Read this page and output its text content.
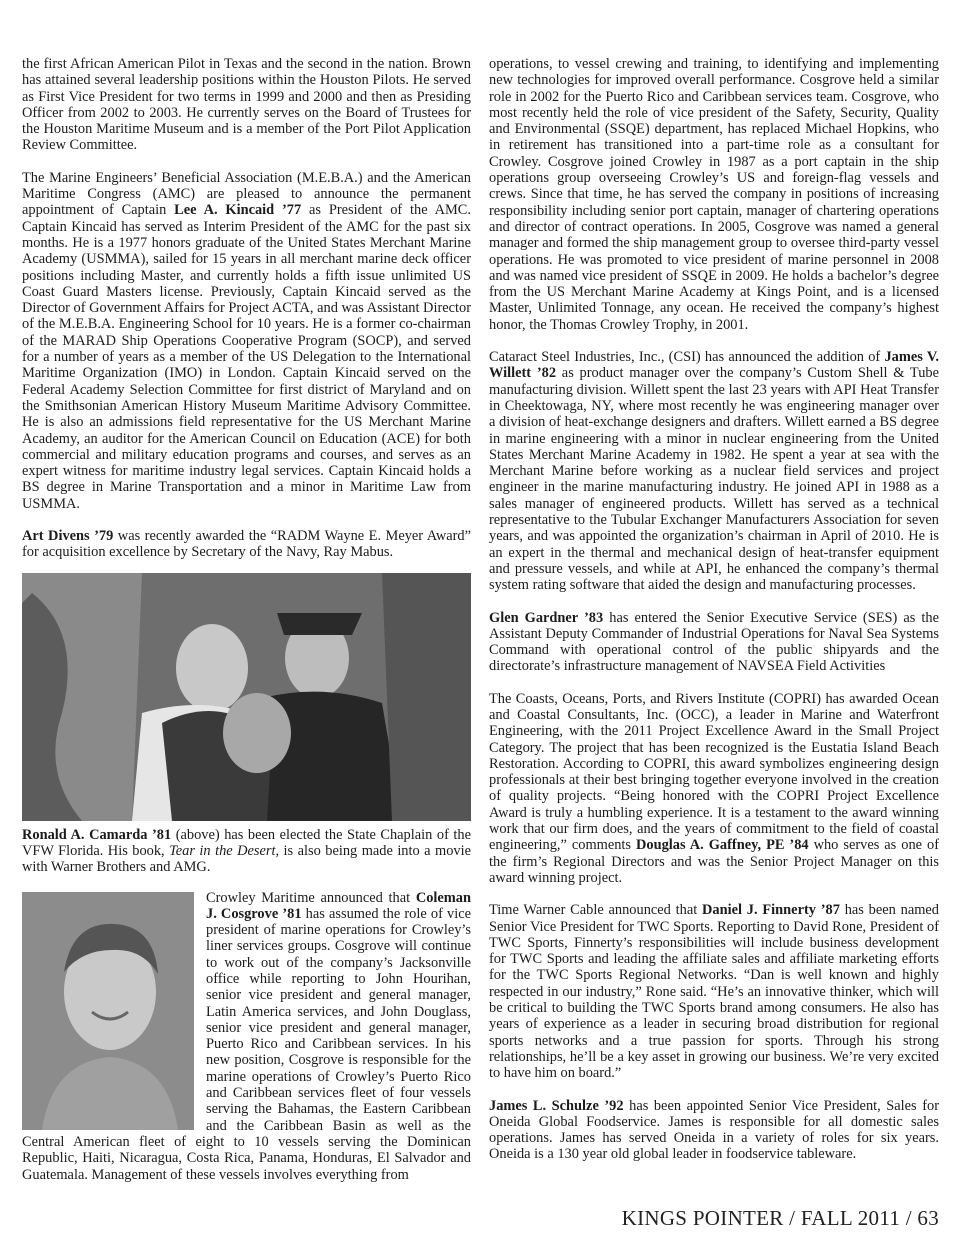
the first African American Pilot in Texas and the second in the nation. Brown has attained several leadership positions within the Houston Pilots. He served as First Vice President for two terms in 1999 and 2000 and then as Presiding Officer from 2002 to 2003. He currently serves on the Board of Trustees for the Houston Maritime Museum and is a member of the Port Pilot Application Review Committee.

The Marine Engineers’ Beneficial Association (M.E.B.A.) and the American Maritime Congress (AMC) are pleased to announce the permanent appointment of Captain Lee A. Kincaid ’77 as President of the AMC. Captain Kincaid has served as Interim President of the AMC for the past six months. He is a 1977 honors graduate of the United States Merchant Marine Academy (USMMA), sailed for 15 years in all merchant marine deck officer positions including Master, and currently holds a fifth issue unlimited US Coast Guard Masters license. Previously, Captain Kincaid served as the Director of Government Affairs for Project ACTA, and was Assistant Director of the M.E.B.A. Engineering School for 10 years. He is a former co-chairman of the MARAD Ship Operations Cooperative Program (SOCP), and served for a number of years as a member of the US Delegation to the International Maritime Organization (IMO) in London. Captain Kincaid served on the Federal Academy Selection Committee for first district of Maryland and on the Smithsonian American History Museum Maritime Advisory Committee. He is also an admissions field representative for the US Merchant Marine Academy, an auditor for the American Council on Education (ACE) for both commercial and military education programs and courses, and serves as an expert witness for maritime industry legal services. Captain Kincaid holds a BS degree in Marine Transportation and a minor in Maritime Law from USMMA.

Art Divens ’79 was recently awarded the “RADM Wayne E. Meyer Award” for acquisition excellence by Secretary of the Navy, Ray Mabus.

Ronald A. Camarda ’81 (above) has been elected the State Chaplain of the VFW Florida. His book, Tear in the Desert, is also being made into a movie with Warner Brothers and AMG.

Crowley Maritime announced that Coleman J. Cosgrove ’81 has assumed the role of vice president of marine operations for Crowley’s liner services groups. Cosgrove will continue to work out of the company’s Jacksonville office while reporting to John Hourihan, senior vice president and general manager, Latin America services, and John Douglass, senior vice president and general manager, Puerto Rico and Caribbean services. In his new position, Cosgrove is responsible for the marine operations of Crowley’s Puerto Rico and Caribbean services fleet of four vessels serving the Bahamas, the Eastern Caribbean and the Caribbean Basin as well as the Central American fleet of eight to 10 vessels serving the Dominican Republic, Haiti, Nicaragua, Costa Rica, Panama, Honduras, El Salvador and Guatemala. Management of these vessels involves everything from

operations, to vessel crewing and training, to identifying and implementing new technologies for improved overall performance. Cosgrove held a similar role in 2002 for the Puerto Rico and Caribbean services team. Cosgrove, who most recently held the role of vice president of the Safety, Security, Quality and Environmental (SSQE) department, has replaced Michael Hopkins, who in retirement has transitioned into a part-time role as a consultant for Crowley. Cosgrove joined Crowley in 1987 as a port captain in the ship operations group overseeing Crowley’s US and foreign-flag vessels and crews. Since that time, he has served the company in positions of increasing responsibility including senior port captain, manager of chartering operations and director of contract operations. In 2005, Cosgrove was named a general manager and formed the ship management group to oversee third-party vessel operations. He was promoted to vice president of marine personnel in 2008 and was named vice president of SSQE in 2009. He holds a bachelor’s degree from the US Merchant Marine Academy at Kings Point, and is a licensed Master, Unlimited Tonnage, any ocean. He received the company’s highest honor, the Thomas Crowley Trophy, in 2001.

Cataract Steel Industries, Inc., (CSI) has announced the addition of James V. Willett ’82 as product manager over the company’s Custom Shell & Tube manufacturing division. Willett spent the last 23 years with API Heat Transfer in Cheektowaga, NY, where most recently he was engineering manager over a division of heat-exchange designers and drafters. Willett earned a BS degree in marine engineering with a minor in nuclear engineering from the United States Merchant Marine Academy in 1982. He spent a year at sea with the Merchant Marine before working as a nuclear field services and project engineer in the marine manufacturing industry. He joined API in 1988 as a sales manager of engineered products. Willett has served as a technical representative to the Tubular Exchanger Manufacturers Association for seven years, and was appointed the organization’s chairman in April of 2010. He is an expert in the thermal and mechanical design of heat-transfer equipment and pressure vessels, and while at API, he enhanced the company’s thermal system rating software that aided the design and manufacturing processes.

Glen Gardner ’83 has entered the Senior Executive Service (SES) as the Assistant Deputy Commander of Industrial Operations for Naval Sea Systems Command with operational control of the public shipyards and the directorate’s infrastructure management of NAVSEA Field Activities

The Coasts, Oceans, Ports, and Rivers Institute (COPRI) has awarded Ocean and Coastal Consultants, Inc. (OCC), a leader in Marine and Waterfront Engineering, with the 2011 Project Excellence Award in the Small Project Category. The project that has been recognized is the Eustatia Island Beach Restoration. According to COPRI, this award symbolizes engineering design professionals at their best bringing together everyone involved in the creation of quality projects. “Being honored with the COPRI Project Excellence Award is truly a humbling experience. It is a testament to the award winning work that our firm does, and the years of commitment to the field of coastal engineering,” comments Douglas A. Gaffney, PE ’84 who serves as one of the firm’s Regional Directors and was the Senior Project Manager on this award winning project.

Time Warner Cable announced that Daniel J. Finnerty ’87 has been named Senior Vice President for TWC Sports. Reporting to David Rone, President of TWC Sports, Finnerty’s responsibilities will include business development for TWC Sports and leading the affiliate sales and affiliate marketing efforts for the TWC Sports Regional Networks. “Dan is well known and highly respected in our industry,” Rone said. “He’s an innovative thinker, which will be critical to building the TWC Sports brand among consumers. He also has years of experience as a leader in securing broad distribution for regional sports networks and a true passion for sports. Through his strong relationships, he’ll be a key asset in growing our business. We’re very excited to have him on board.”

James L. Schulze ’92 has been appointed Senior Vice President, Sales for Oneida Global Foodservice. James is responsible for all domestic sales operations. James has served Oneida in a variety of roles for six years. Oneida is a 130 year old global leader in foodservice tableware.

KINGS POINTER / FALL 2011 / 63
